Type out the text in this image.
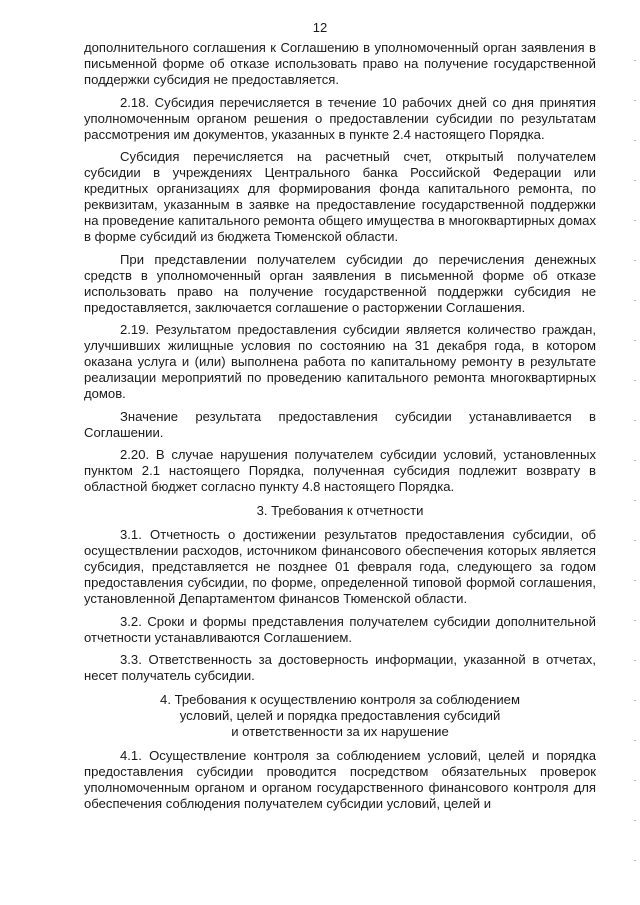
12

дополнительного соглашения к Соглашению в уполномоченный орган заявления в письменной форме об отказе использовать право на получение государственной поддержки субсидия не предоставляется.

2.18. Субсидия перечисляется в течение 10 рабочих дней со дня принятия уполномоченным органом решения о предоставлении субсидии по результатам рассмотрения им документов, указанных в пункте 2.4 настоящего Порядка.

Субсидия перечисляется на расчетный счет, открытый получателем субсидии в учреждениях Центрального банка Российской Федерации или кредитных организациях для формирования фонда капитального ремонта, по реквизитам, указанным в заявке на предоставление государственной поддержки на проведение капитального ремонта общего имущества в многоквартирных домах в форме субсидий из бюджета Тюменской области.

При представлении получателем субсидии до перечисления денежных средств в уполномоченный орган заявления в письменной форме об отказе использовать право на получение государственной поддержки субсидия не предоставляется, заключается соглашение о расторжении Соглашения.

2.19. Результатом предоставления субсидии является количество граждан, улучшивших жилищные условия по состоянию на 31 декабря года, в котором оказана услуга и (или) выполнена работа по капитальному ремонту в результате реализации мероприятий по проведению капитального ремонта многоквартирных домов.

Значение результата предоставления субсидии устанавливается в Соглашении.

2.20. В случае нарушения получателем субсидии условий, установленных пунктом 2.1 настоящего Порядка, полученная субсидия подлежит возврату в областной бюджет согласно пункту 4.8 настоящего Порядка.

3. Требования к отчетности

3.1. Отчетность о достижении результатов предоставления субсидии, об осуществлении расходов, источником финансового обеспечения которых является субсидия, представляется не позднее 01 февраля года, следующего за годом предоставления субсидии, по форме, определенной типовой формой соглашения, установленной Департаментом финансов Тюменской области.

3.2. Сроки и формы представления получателем субсидии дополнительной отчетности устанавливаются Соглашением.

3.3. Ответственность за достоверность информации, указанной в отчетах, несет получатель субсидии.

4. Требования к осуществлению контроля за соблюдением
условий, целей и порядка предоставления субсидий
и ответственности за их нарушение

4.1. Осуществление контроля за соблюдением условий, целей и порядка предоставления субсидии проводится посредством обязательных проверок уполномоченным органом и органом государственного финансового контроля для обеспечения соблюдения получателем субсидии условий, целей и
